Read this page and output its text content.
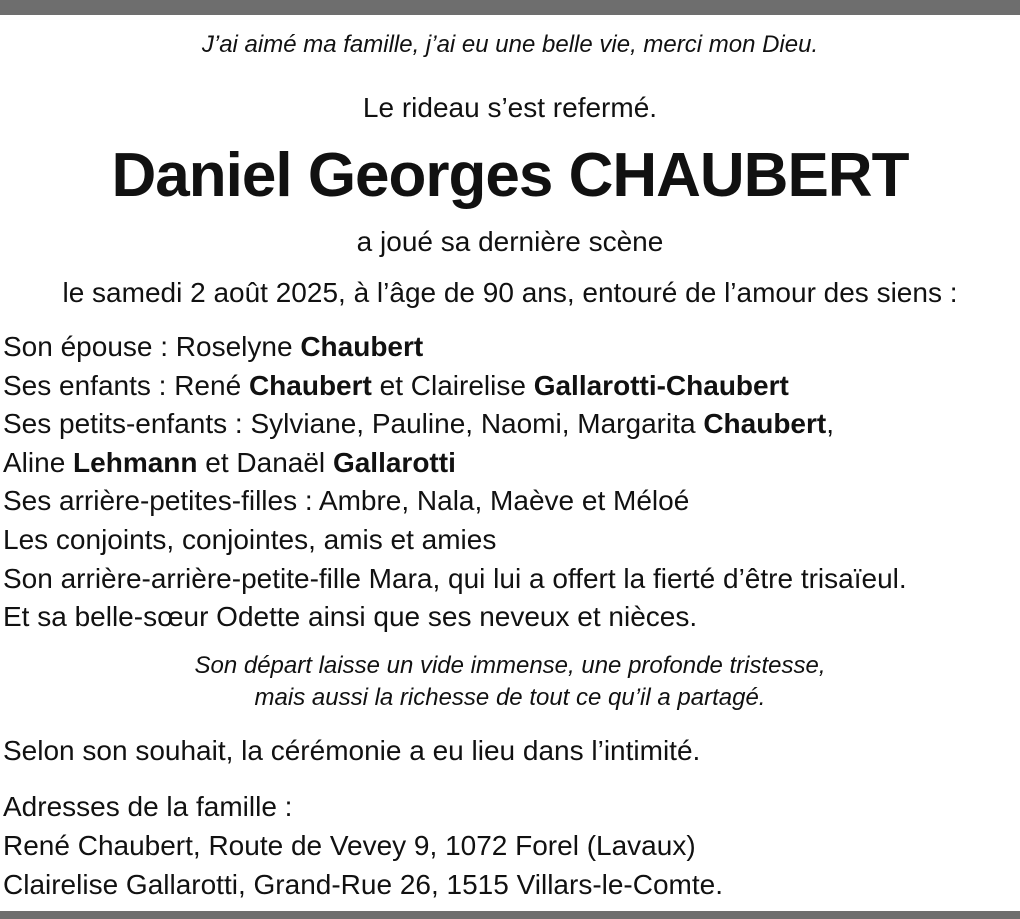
J’ai aimé ma famille, j’ai eu une belle vie, merci mon Dieu.
Le rideau s’est refermé.
Daniel Georges CHAUBERT
a joué sa dernière scène
le samedi 2 août 2025, à l’âge de 90 ans, entouré de l’amour des siens :
Son épouse : Roselyne Chaubert
Ses enfants : René Chaubert et Clairelise Gallarotti-Chaubert
Ses petits-enfants : Sylviane, Pauline, Naomi, Margarita Chaubert,
Aline Lehmann et Danaël Gallarotti
Ses arrière-petites-filles : Ambre, Nala, Maève et Méloé
Les conjoints, conjointes, amis et amies
Son arrière-arrière-petite-fille Mara, qui lui a offert la fierté d’être trisaïeul.
Et sa belle-sœur Odette ainsi que ses neveux et nièces.
Son départ laisse un vide immense, une profonde tristesse,
mais aussi la richesse de tout ce qu’il a partagé.
Selon son souhait, la cérémonie a eu lieu dans l’intimité.
Adresses de la famille :
René Chaubert, Route de Vevey 9, 1072 Forel (Lavaux)
Clairelise Gallarotti, Grand-Rue 26, 1515 Villars-le-Comte.
